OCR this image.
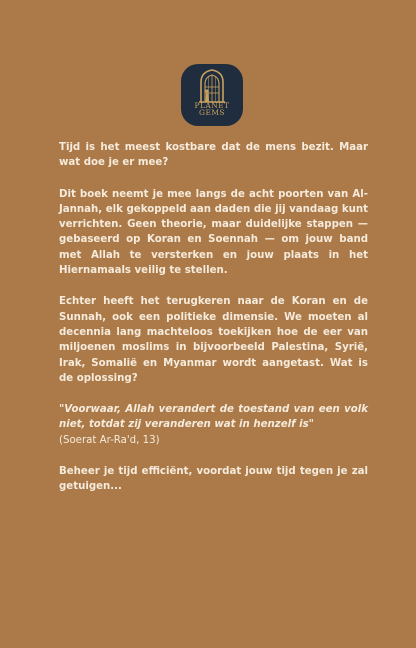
PLANET
GEMS

Tijd is het meest kostbare dat de mens bezit. Maar wat doe je er mee?

Dit boek neemt je mee langs de acht poorten van Al-Jannah, elk gekoppeld aan daden die jij vandaag kunt verrichten. Geen theorie, maar duidelijke stappen — gebaseerd op Koran en Soennah — om jouw band met Allah te versterken en jouw plaats in het Hiernamaals veilig te stellen.

Echter heeft het terugkeren naar de Koran en de Sunnah, ook een politieke dimensie. We moeten al decennia lang machteloos toekijken hoe de eer van miljoenen moslims in bijvoorbeeld Palestina, Syrië, Irak, Somalië en Myanmar wordt aangetast. Wat is de oplossing?

"Voorwaar, Allah verandert de toestand van een volk niet, totdat zij veranderen wat in henzelf is"
(Soerat Ar-Ra'd, 13)

Beheer je tijd efficiënt, voordat jouw tijd tegen je zal getuigen...
